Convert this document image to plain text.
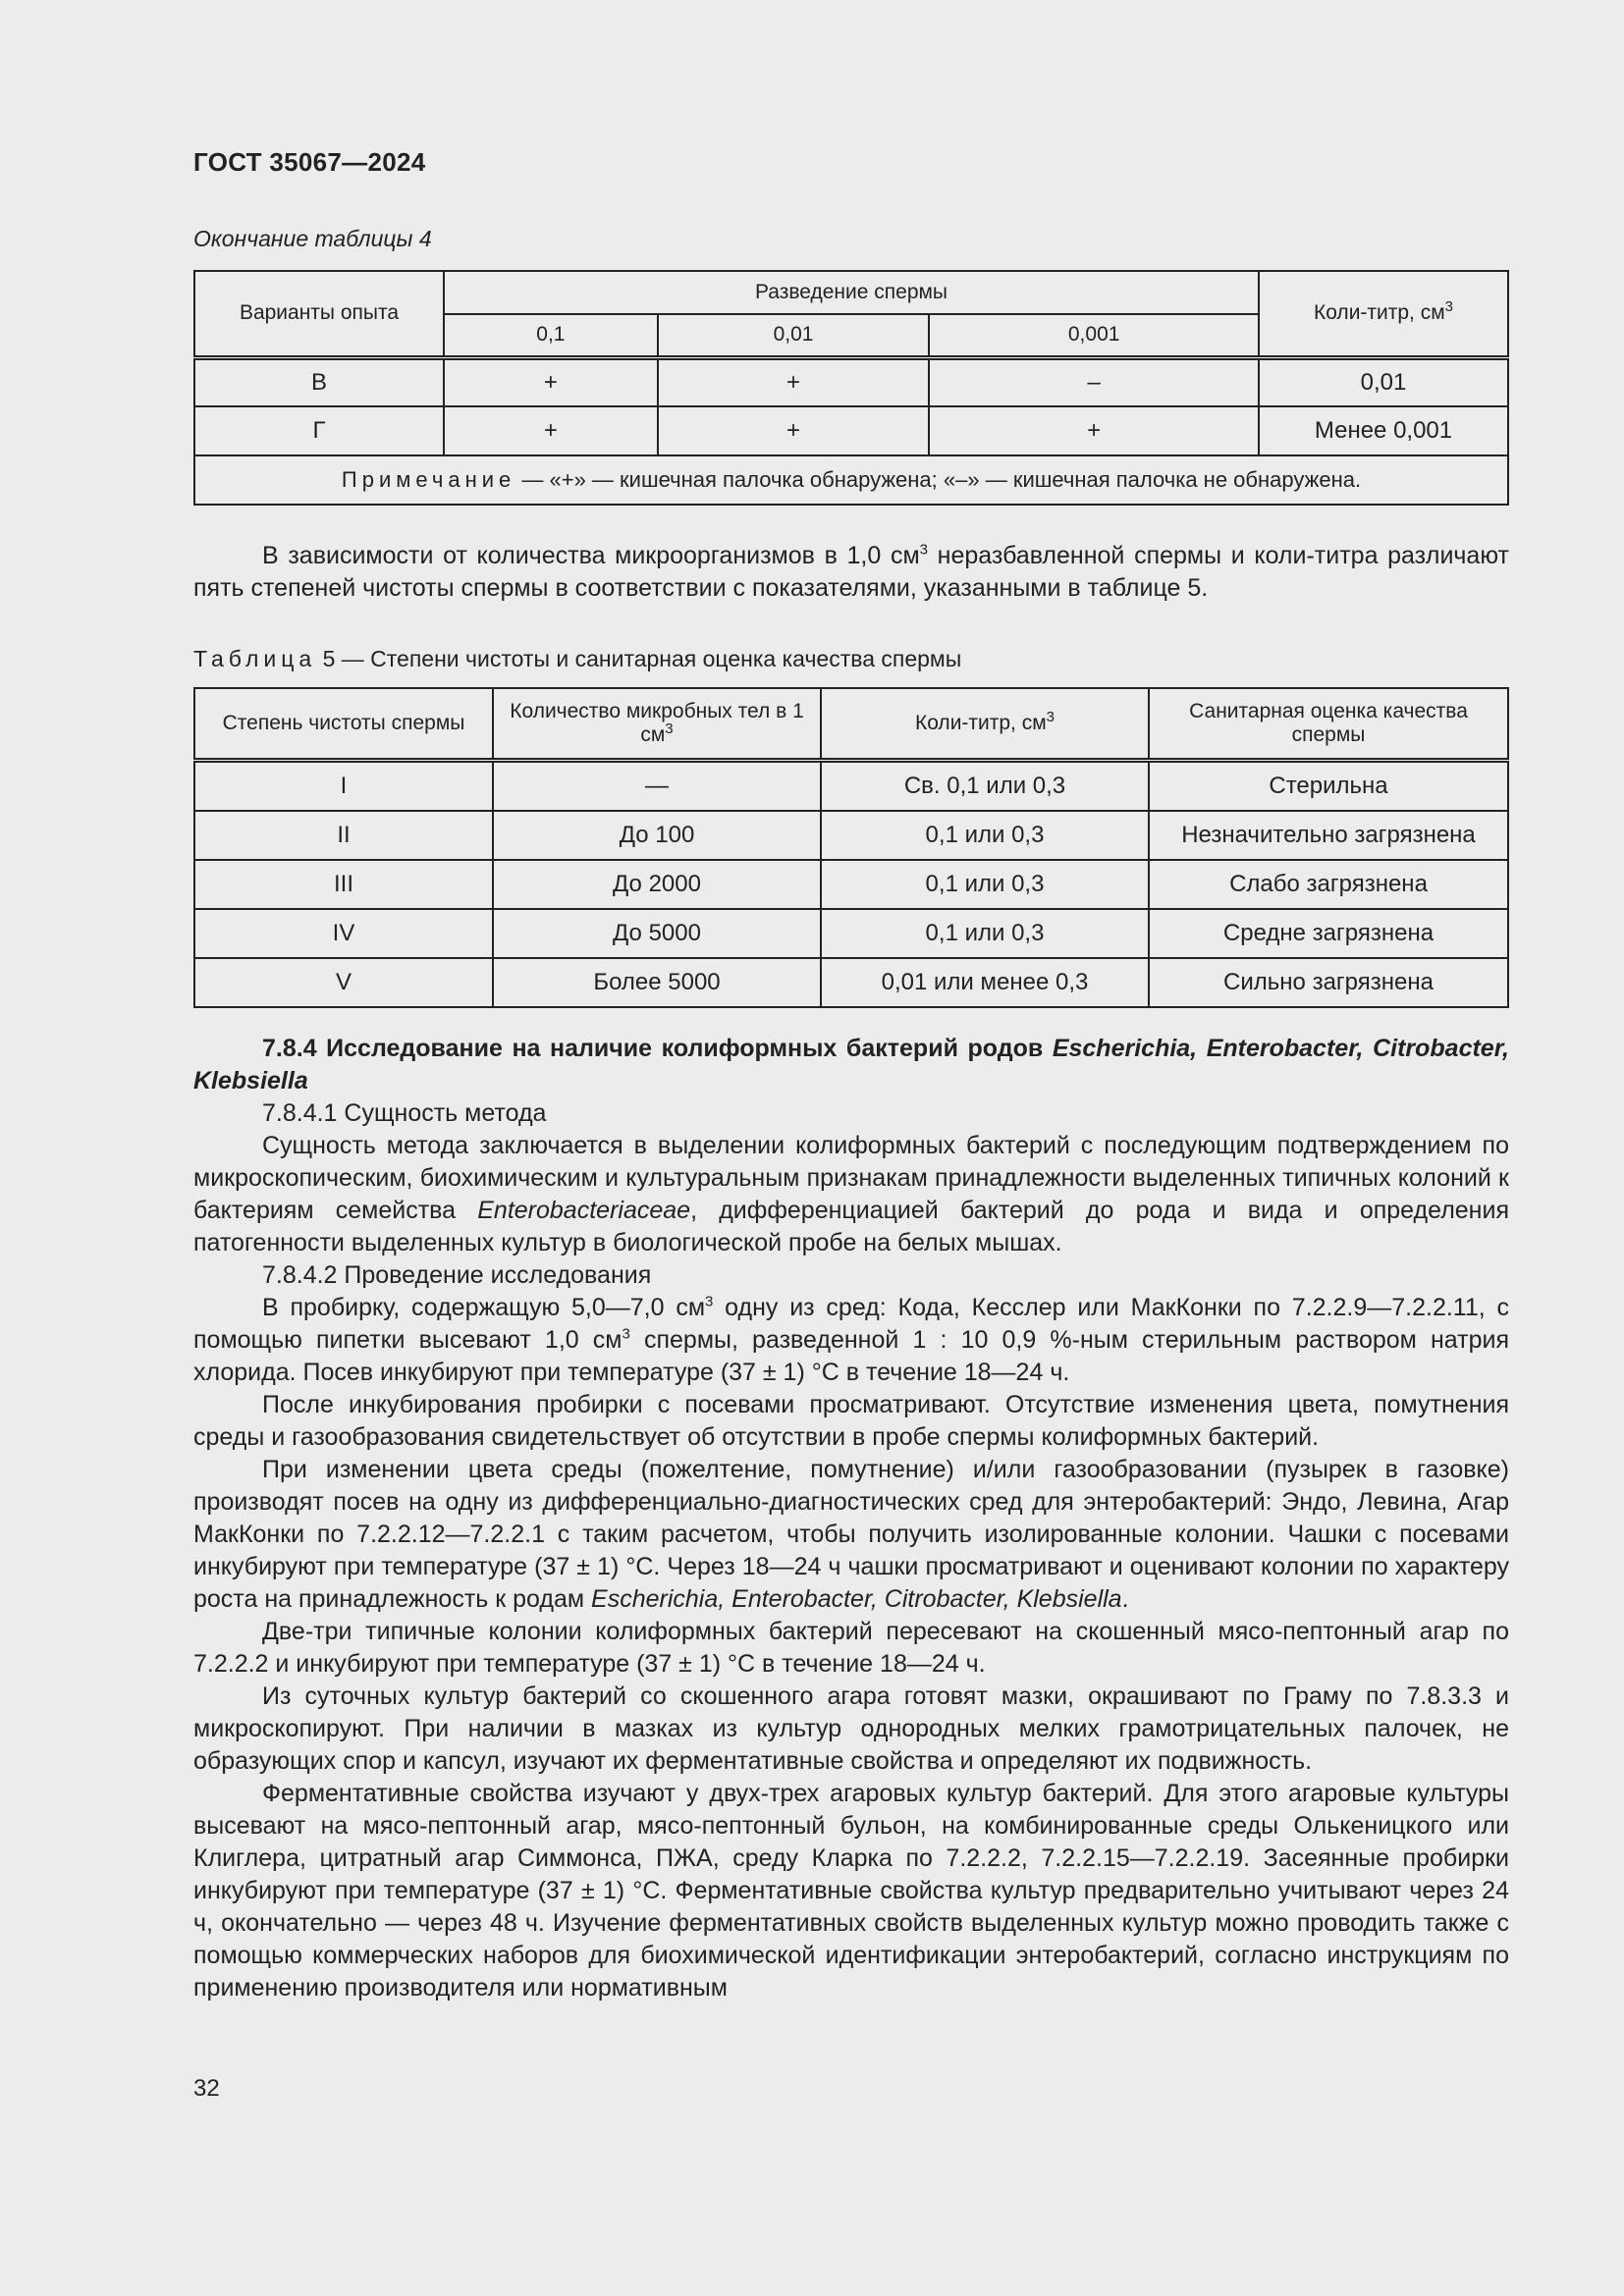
ГОСТ 35067—2024
Окончание таблицы 4
Варианты опыта	Разведение спермы			Коли-титр, $см^3$
	0,1	0,01	0,001	
В	+	+	–	0,01
Г	+	+	+	Менее 0,001
Примечание — «+» — кишечная палочка обнаружена; «–» — кишечная палочка не обнаружена.				
В зависимости от количества микроорганизмов в 1,0 $см^3$ неразбавленной спермы и коли-титра различают пять степеней чистоты спермы в соответствии с показателями, указанными в таблице 5.
Таблица 5 — Степени чистоты и санитарная оценка качества спермы
Степень чистоты спермы	Количество микробных тел в 1 $см^3$	Коли-титр, $см^3$	Санитарная оценка качества спермы
I	—	Св. 0,1 или 0,3	Стерильна
II	До 100	0,1 или 0,3	Незначительно загрязнена
III	До 2000	0,1 или 0,3	Слабо загрязнена
IV	До 5000	0,1 или 0,3	Средне загрязнена
V	Более 5000	0,01 или менее 0,3	Сильно загрязнена

7.8.4 Исследование на наличие колиформных бактерий родов Escherichia, Enterobacter, Citrobacter, Klebsiella

7.8.4.1 Сущность метода

Сущность метода заключается в выделении колиформных бактерий с последующим подтверждением по микроскопическим, биохимическим и культуральным признакам принадлежности выделенных типичных колоний к бактериям семейства Enterobacteriaceae, дифференциацией бактерий до рода и вида и определения патогенности выделенных культур в биологической пробе на белых мышах.

7.8.4.2 Проведение исследования

В пробирку, содержащую 5,0—7,0 $см^3$ одну из сред: Кода, Кесслер или МакКонки по 7.2.2.9—7.2.2.11, с помощью пипетки высевают 1,0 $см^3$ спермы, разведенной 1 : 10 0,9 %-ным стерильным раствором натрия хлорида. Посев инкубируют при температуре (37 ± 1) °С в течение 18—24 ч.

После инкубирования пробирки с посевами просматривают. Отсутствие изменения цвета, помутнения среды и газообразования свидетельствует об отсутствии в пробе спермы колиформных бактерий.

При изменении цвета среды (пожелтение, помутнение) и/или газообразовании (пузырек в газовке) производят посев на одну из дифференциально-диагностических сред для энтеробактерий: Эндо, Левина, Агар МакКонки по 7.2.2.12—7.2.2.1 с таким расчетом, чтобы получить изолированные колонии. Чашки с посевами инкубируют при температуре (37 ± 1) °С. Через 18—24 ч чашки просматривают и оценивают колонии по характеру роста на принадлежность к родам Escherichia, Enterobacter, Citrobacter, Klebsiella.

Две-три типичные колонии колиформных бактерий пересевают на скошенный мясо-пептонный агар по 7.2.2.2 и инкубируют при температуре (37 ± 1) °С в течение 18—24 ч.

Из суточных культур бактерий со скошенного агара готовят мазки, окрашивают по Граму по 7.8.3.3 и микроскопируют. При наличии в мазках из культур однородных мелких грамотрицательных палочек, не образующих спор и капсул, изучают их ферментативные свойства и определяют их подвижность.

Ферментативные свойства изучают у двух-трех агаровых культур бактерий. Для этого агаровые культуры высевают на мясо-пептонный агар, мясо-пептонный бульон, на комбинированные среды Олькеницкого или Клиглера, цитратный агар Симмонса, ПЖА, среду Кларка по 7.2.2.2, 7.2.2.15—7.2.2.19. Засеянные пробирки инкубируют при температуре (37 ± 1) °С. Ферментативные свойства культур предварительно учитывают через 24 ч, окончательно — через 48 ч. Изучение ферментативных свойств выделенных культур можно проводить также с помощью коммерческих наборов для биохимической идентификации энтеробактерий, согласно инструкциям по применению производителя или нормативным

32
